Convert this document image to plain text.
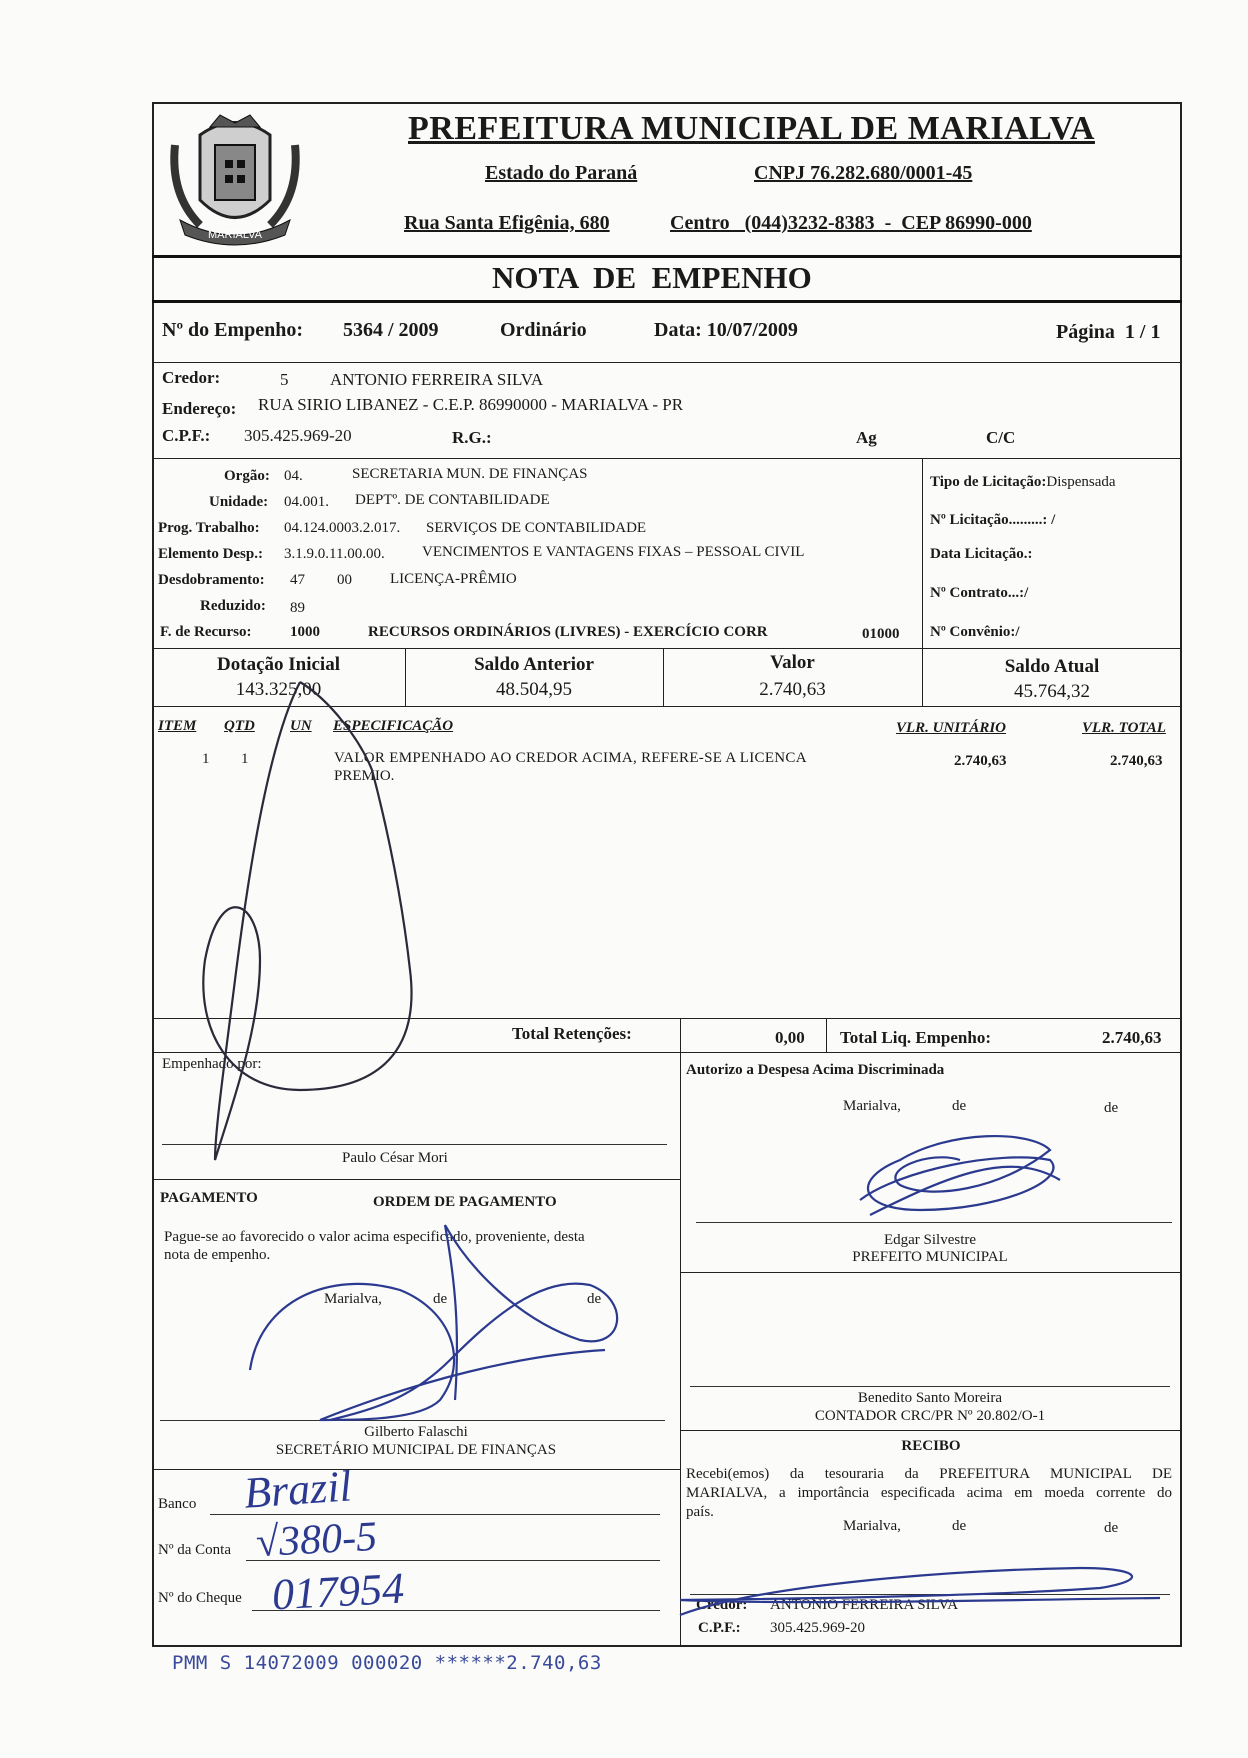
MARIALVA
PREFEITURA MUNICIPAL DE MARIALVA
Estado do Paraná	CNPJ 76.282.680/0001-45
Rua Santa Efigênia, 680	Centro   (044)3232-8383  -  CEP 86990-000
NOTA  DE  EMPENHO
Nº do Empenho: 5364 / 2009	Ordinário	Data: 10/07/2009	Página  1 / 1
Credor:	5 ANTONIO FERREIRA SILVA
Endereço: RUA SIRIO LIBANEZ - C.E.P. 86990000 - MARIALVA - PR
C.P.F.: 305.425.969-20	R.G.:	Ag	C/C
Orgão: 04.	SECRETARIA MUN. DE FINANÇAS
Unidade: 04.001. DEPTº. DE CONTABILIDADE
Prog. Trabalho: 04.124.0003.2.017. SERVIÇOS DE CONTABILIDADE
Elemento Desp.: 3.1.9.0.11.00.00. VENCIMENTOS E VANTAGENS FIXAS – PESSOAL CIVIL
Desdobramento: 47 00	LICENÇA-PRÊMIO
Reduzido: 89
F. de Recurso:	1000	RECURSOS ORDINÁRIOS (LIVRES) - EXERCÍCIO CORR	01000
Tipo de Licitação:Dispensada
Nº Licitação.........: /
Data Licitação.:
Nº Contrato...:/
Nº Convênio:/
Dotação Inicial
143.325,00
Saldo Anterior
48.504,95
Valor
2.740,63
Saldo Atual
45.764,32
ITEM QTD UN ESPECIFICAÇÃO	VLR. UNITÁRIO	VLR. TOTAL
1 1	VALOR EMPENHADO AO CREDOR ACIMA, REFERE-SE A LICENCA
PREMIO.
2.740,63	2.740,63
Total Retenções:	0,00 Total Liq. Empenho:	2.740,63
Empenhado por:
Paulo César Mori
Autorizo a Despesa Acima Discriminada
Marialva,	de	de
Edgar Silvestre
PREFEITO MUNICIPAL
PAGAMENTO	ORDEM DE PAGAMENTO
Pague-se ao favorecido o valor acima especificado, proveniente, desta
nota de empenho.
Marialva,	de	de
Gilberto Falaschi
SECRETÁRIO MUNICIPAL DE FINANÇAS
Benedito Santo Moreira
CONTADOR CRC/PR Nº 20.802/O-1
Banco
Nº da Conta
Nº do Cheque
Brazil
√380-5
017954
RECIBO
Recebi(emos) da tesouraria da PREFEITURA MUNICIPAL DE
MARIALVA, a importância especificada acima em moeda corrente do
país.
Marialva,	de	de
Credor: ANTONIO FERREIRA SILVA
C.P.F.: 305.425.969-20
PMM S 14072009 000020 ******2.740,63
